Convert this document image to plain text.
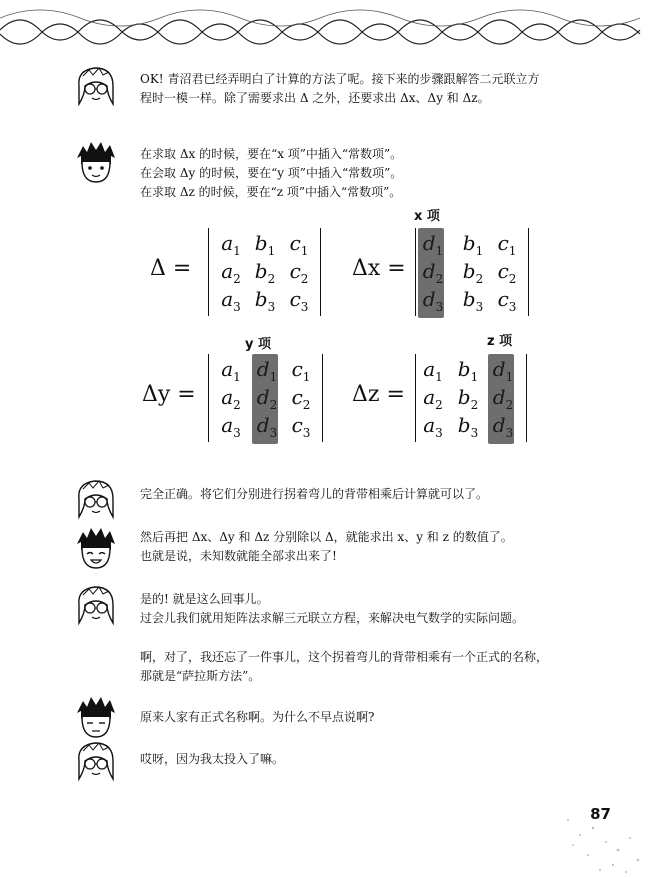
OK! 青沼君已经弄明白了计算的方法了呢。接下来的步骤跟解答二元联立方

程时一模一样。除了需要求出 Δ 之外，还要求出 Δx、Δy 和 Δz。

在求取 Δx 的时候，要在“x 项”中插入“常数项”。

在会取 Δy 的时候，要在“y 项”中插入“常数项”。

在求取 Δz 的时候，要在“z 项”中插入“常数项”。

Δ =
$a_1$ $b_1$ $c_1$
$a_2$ $b_2$ $c_2$
$a_3$ $b_3$ $c_3$
x 项
Δx =
$d_1$ $b_1$ $c_1$
$d_2$ $b_2$ $c_2$
$d_3$ $b_3$ $c_3$
y 项
Δy =
$a_1$ $d_1$ $c_1$
$a_2$ $d_2$ $c_2$
$a_3$ $d_3$ $c_3$
z 项
Δz =
$a_1$ $b_1$ $d_1$
$a_2$ $b_2$ $d_2$
$a_3$ $b_3$ $d_3$

完全正确。将它们分别进行拐着弯儿的背带相乘后计算就可以了。

然后再把 Δx、Δy 和 Δz 分别除以 Δ，就能求出 x、y 和 z 的数值了。

也就是说，未知数就能全部求出来了!

是的! 就是这么回事儿。

过会儿我们就用矩阵法求解三元联立方程，来解决电气数学的实际问题。

啊，对了，我还忘了一件事儿，这个拐着弯儿的背带相乘有一个正式的名称，

那就是“萨拉斯方法”。

原来人家有正式名称啊。为什么不早点说啊?

哎呀，因为我太投入了嘛。

87
